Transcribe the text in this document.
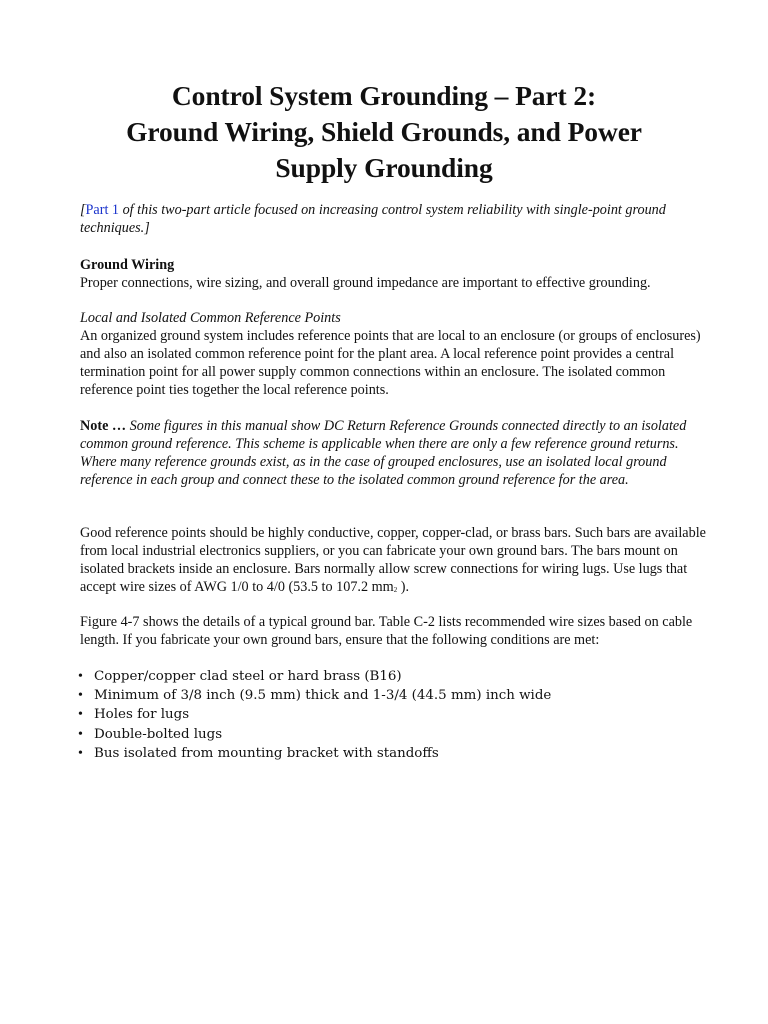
Control System Grounding – Part 2:
Ground Wiring, Shield Grounds, and Power
Supply Grounding

[Part 1 of this two-part article focused on increasing control system reliability with single-point ground techniques.]

Ground Wiring
Proper connections, wire sizing, and overall ground impedance are important to effective grounding.

Local and Isolated Common Reference Points
An organized ground system includes reference points that are local to an enclosure (or groups of enclosures) and also an isolated common reference point for the plant area. A local reference point provides a central termination point for all power supply common connections within an enclosure. The isolated common reference point ties together the local reference points.

Note … Some figures in this manual show DC Return Reference Grounds connected directly to an isolated common ground reference. This scheme is applicable when there are only a few reference ground returns. Where many reference grounds exist, as in the case of grouped enclosures, use an isolated local ground reference in each group and connect these to the isolated common ground reference for the area.

Good reference points should be highly conductive, copper, copper-clad, or brass bars. Such bars are available from local industrial electronics suppliers, or you can fabricate your own ground bars. The bars mount on isolated brackets inside an enclosure. Bars normally allow screw connections for wiring lugs. Use lugs that accept wire sizes of AWG 1/0 to 4/0 (53.5 to 107.2 $mm_2$ ).

Figure 4-7 shows the details of a typical ground bar. Table C-2 lists recommended wire sizes based on cable length. If you fabricate your own ground bars, ensure that the following conditions are met:

• Copper/copper clad steel or hard brass (B16)
• Minimum of 3/8 inch (9.5 mm) thick and 1-3/4 (44.5 mm) inch wide
• Holes for lugs
• Double-bolted lugs
• Bus isolated from mounting bracket with standoffs
